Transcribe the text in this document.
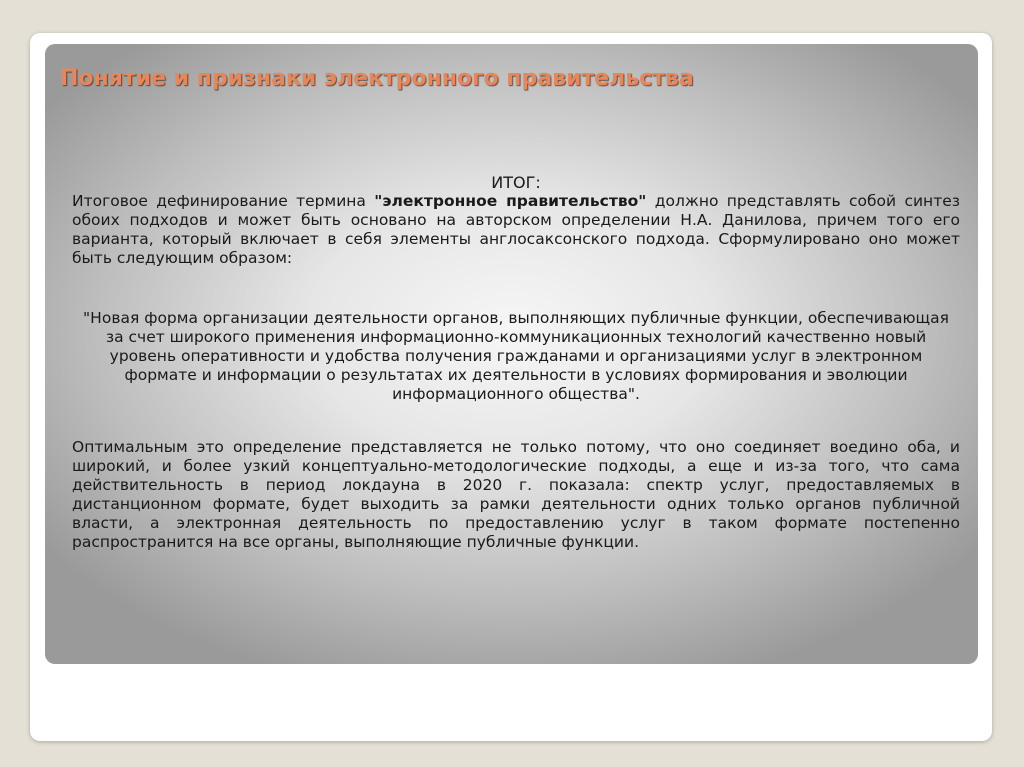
Понятие и признаки электронного правительства

ИТОГ:

Итоговое дефинирование термина "электронное правительство" должно представлять собой синтез обоих подходов и может быть основано на авторском определении Н.А. Данилова, причем того его варианта, который включает в себя элементы англосаксонского подхода. Сформулировано оно может быть следующим образом:

"Новая форма организации деятельности органов, выполняющих публичные функции, обеспечивающая за счет широкого применения информационно-коммуникационных технологий качественно новый уровень оперативности и удобства получения гражданами и организациями услуг в электронном формате и информации о результатах их деятельности в условиях формирования и эволюции информационного общества".

Оптимальным это определение представляется не только потому, что оно соединяет воедино оба, и широкий, и более узкий концептуально-методологические подходы, а еще и из-за того, что сама действительность в период локдауна в 2020 г. показала: спектр услуг, предоставляемых в дистанционном формате, будет выходить за рамки деятельности одних только органов публичной власти, а электронная деятельность по предоставлению услуг в таком формате постепенно распространится на все органы, выполняющие публичные функции.
